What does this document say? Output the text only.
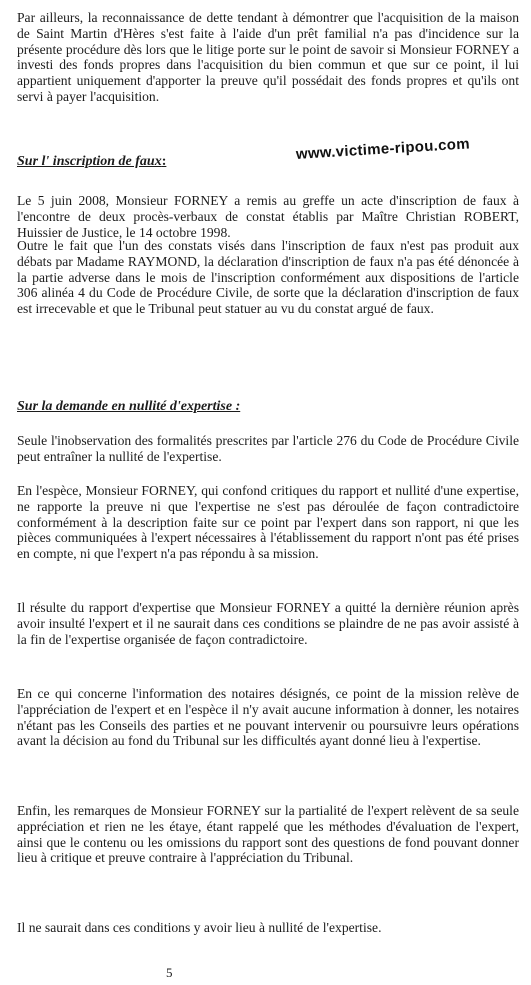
Par ailleurs, la reconnaissance de dette tendant à démontrer que l'acquisition de la maison de Saint Martin d'Hères s'est faite à l'aide d'un prêt familial n'a pas d'incidence sur la présente procédure dès lors que le litige porte sur le point de savoir si Monsieur FORNEY a investi des fonds propres dans l'acquisition du bien commun et que sur ce point, il lui appartient uniquement d'apporter la preuve qu'il possédait des fonds propres et qu'ils ont servi à payer l'acquisition.

Sur l' inscription de faux:	www.victime-ripou.com

Le 5 juin 2008, Monsieur FORNEY a remis au greffe un acte d'inscription de faux à l'encontre de deux procès-verbaux de constat établis par Maître Christian ROBERT, Huissier de Justice, le 14 octobre 1998.

Outre le fait que l'un des constats visés dans l'inscription de faux n'est pas produit aux débats par Madame RAYMOND, la déclaration d'inscription de faux n'a pas été dénoncée à la partie adverse dans le mois de l'inscription conformément aux dispositions de l'article 306 alinéa 4 du Code de Procédure Civile, de sorte que la déclaration d'inscription de faux est irrecevable et que le Tribunal peut statuer au vu du constat argué de faux.

Sur la demande en nullité d'expertise :

Seule l'inobservation des formalités prescrites par l'article 276 du Code de Procédure Civile peut entraîner la nullité de l'expertise.

En l'espèce, Monsieur FORNEY, qui confond critiques du rapport et nullité d'une expertise, ne rapporte la preuve ni que l'expertise ne s'est pas déroulée de façon contradictoire conformément à la description faite sur ce point par l'expert dans son rapport, ni que les pièces communiquées à l'expert nécessaires à l'établissement du rapport n'ont pas été prises en compte, ni que l'expert n'a pas répondu à sa mission.

Il résulte du rapport d'expertise que Monsieur FORNEY a quitté la dernière réunion après avoir insulté l'expert et il ne saurait dans ces conditions se plaindre de ne pas avoir assisté à la fin de l'expertise organisée de façon contradictoire.

En ce qui concerne l'information des notaires désignés, ce point de la mission relève de l'appréciation de l'expert et en l'espèce il n'y avait aucune information à donner, les notaires n'étant pas les Conseils des parties et ne pouvant intervenir ou poursuivre leurs opérations avant la décision au fond du Tribunal sur les difficultés ayant donné lieu à l'expertise.

Enfin, les remarques de Monsieur FORNEY sur la partialité de l'expert relèvent de sa seule appréciation et rien ne les étaye, étant rappelé que les méthodes d'évaluation de l'expert, ainsi que le contenu ou les omissions du rapport sont des questions de fond pouvant donner lieu à critique et preuve contraire à l'appréciation du Tribunal.

Il ne saurait dans ces conditions y avoir lieu à nullité de l'expertise.

5
